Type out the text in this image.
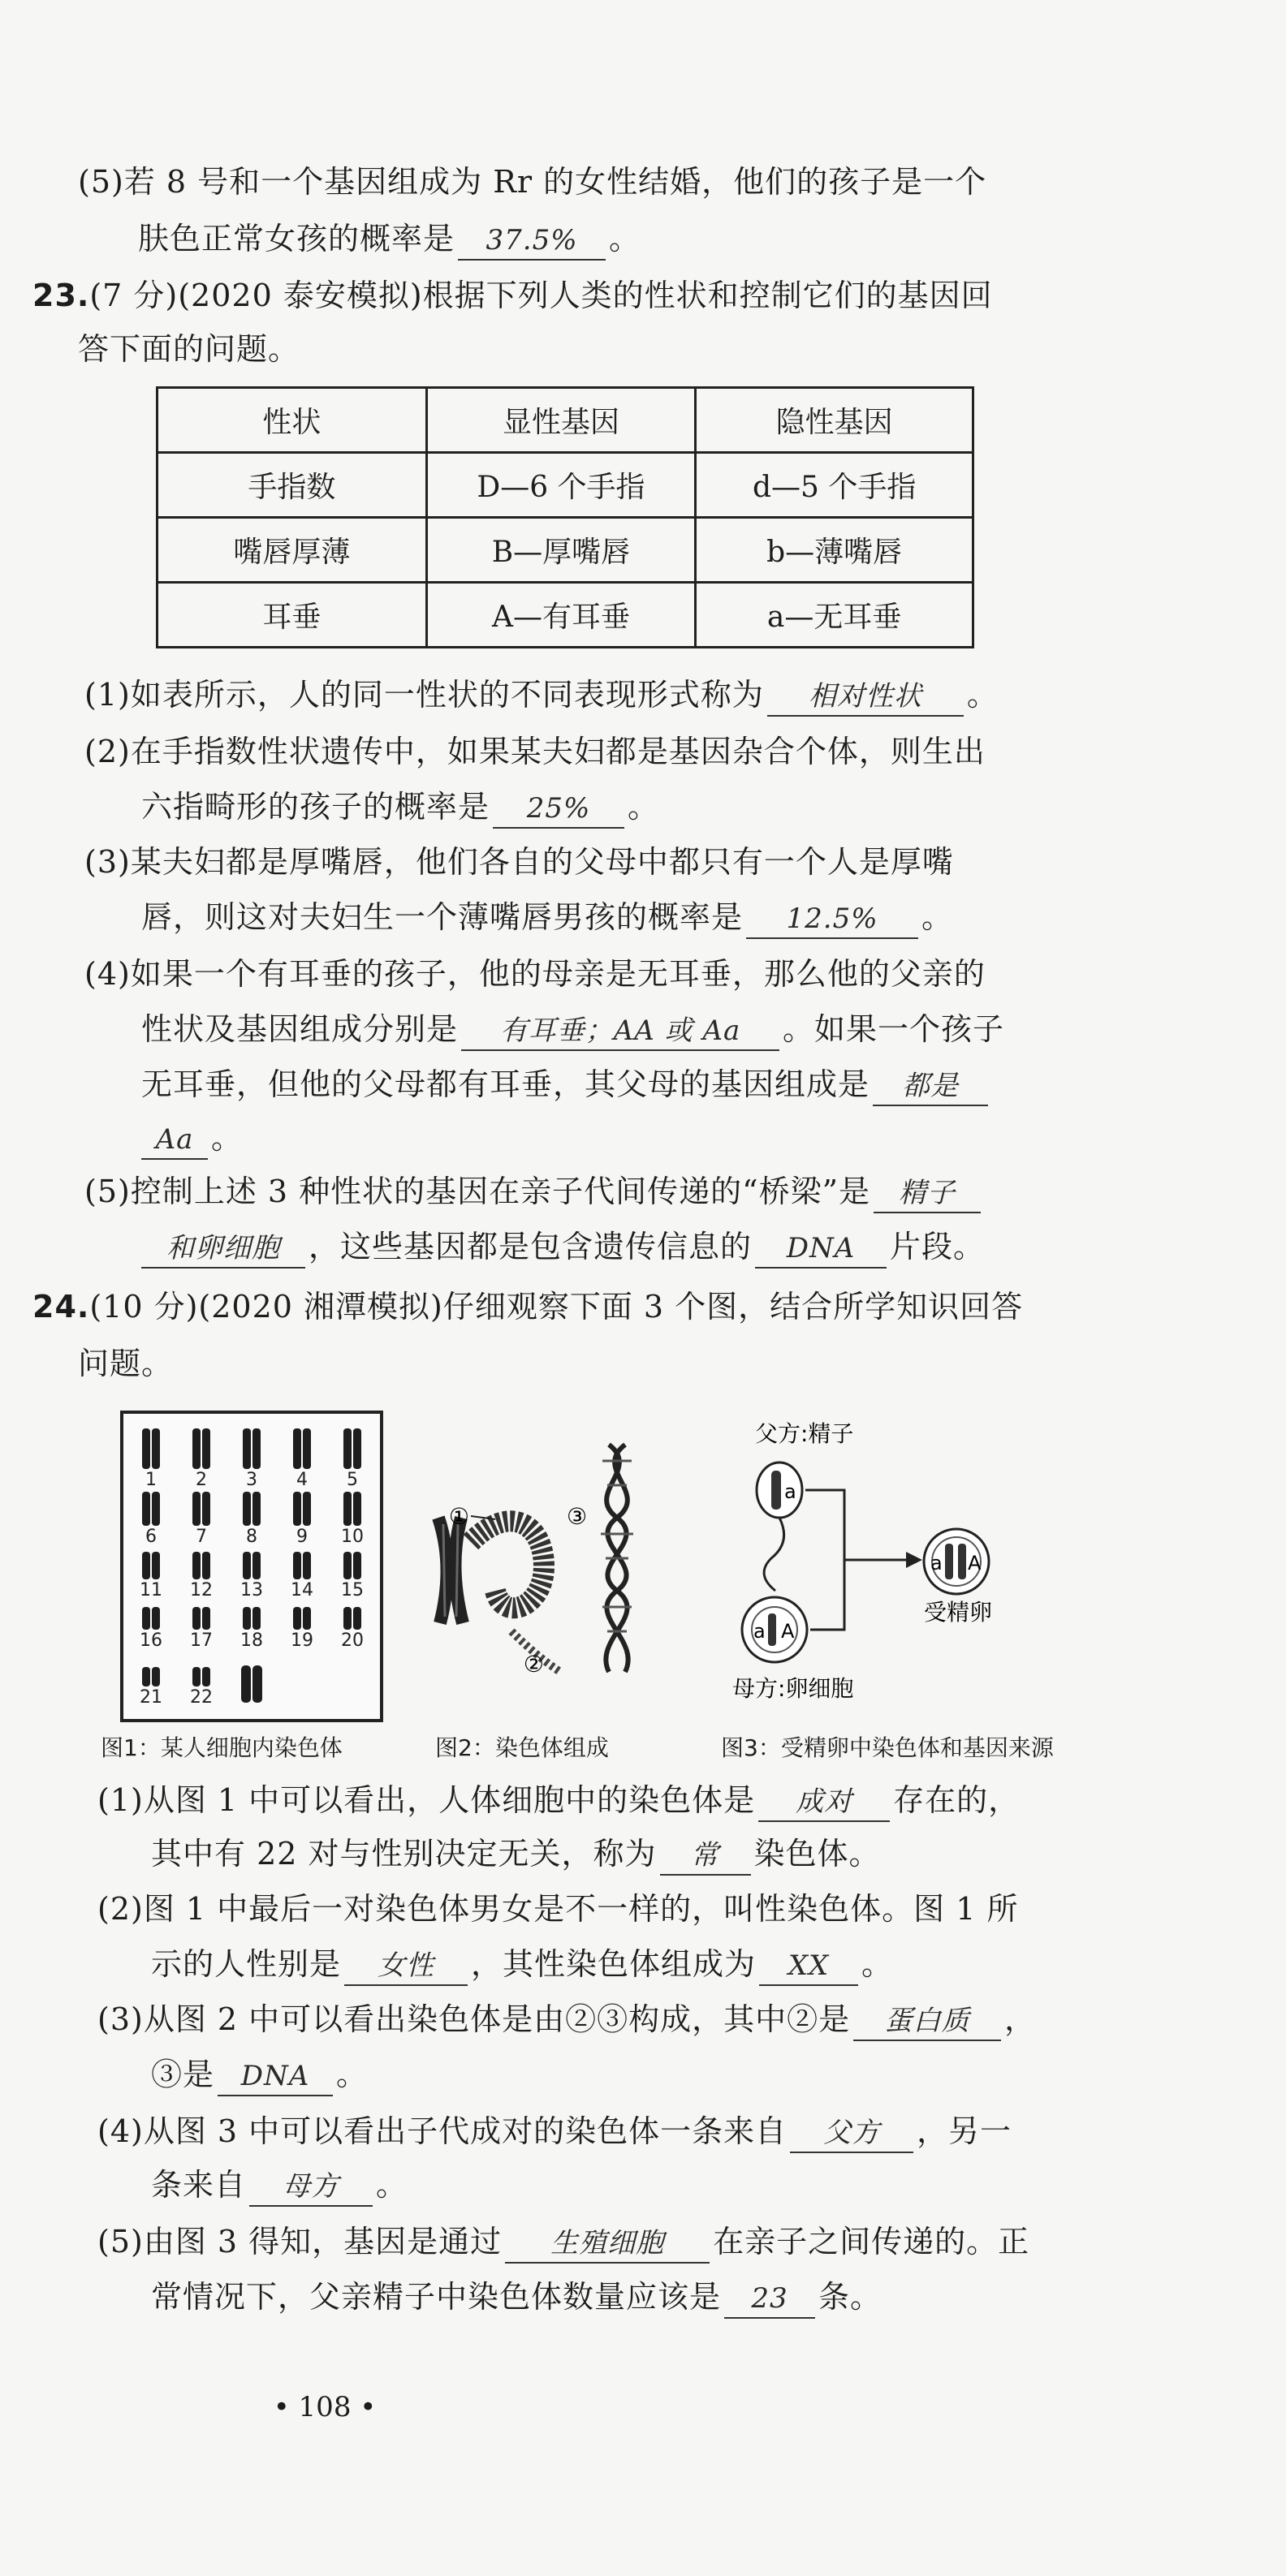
(5)若 8 号和一个基因组成为 Rr 的女性结婚，他们的孩子是一个
肤色正常女孩的概率是 37.5% 。
23.(7 分)(2020 泰安模拟)根据下列人类的性状和控制它们的基因回
答下面的问题。
性状	显性基因	隐性基因
手指数	D—6 个手指	d—5 个手指
嘴唇厚薄	B—厚嘴唇	b—薄嘴唇
耳垂	A—有耳垂	a—无耳垂
(1)如表所示，人的同一性状的不同表现形式称为 相对性状 。
(2)在手指数性状遗传中，如果某夫妇都是基因杂合个体，则生出
六指畸形的孩子的概率是 25% 。
(3)某夫妇都是厚嘴唇，他们各自的父母中都只有一个人是厚嘴
唇，则这对夫妇生一个薄嘴唇男孩的概率是 12.5% 。
(4)如果一个有耳垂的孩子，他的母亲是无耳垂，那么他的父亲的
性状及基因组成分别是 有耳垂；AA 或 Aa 。如果一个孩子
无耳垂，但他的父母都有耳垂，其父母的基因组成是 都是
Aa 。
(5)控制上述 3 种性状的基因在亲子代间传递的“桥梁”是 精子
和卵细胞 ，这些基因都是包含遗传信息的 DNA 片段。
24.(10 分)(2020 湘潭模拟)仔细观察下面 3 个图，结合所学知识回答
问题。
1 2 3 4 5
6 7 8 9 10
11 12 13 14 15
16 17 18 19 20
21 22
图1：某人细胞内染色体
①	③
②
图2：染色体组成
父方:精子
a
a A
母方:卵细胞
a A
受精卵
图3：受精卵中染色体和基因来源
(1)从图 1 中可以看出，人体细胞中的染色体是 成对 存在的，
其中有 22 对与性别决定无关，称为 常 染色体。
(2)图 1 中最后一对染色体男女是不一样的，叫性染色体。图 1 所
示的人性别是 女性 ，其性染色体组成为 XX 。
(3)从图 2 中可以看出染色体是由②③构成，其中②是 蛋白质 ，
③是 DNA 。
(4)从图 3 中可以看出子代成对的染色体一条来自 父方 ，另一
条来自 母方 。
(5)由图 3 得知，基因是通过 生殖细胞 在亲子之间传递的。正
常情况下，父亲精子中染色体数量应该是 23 条。
• 108 •
